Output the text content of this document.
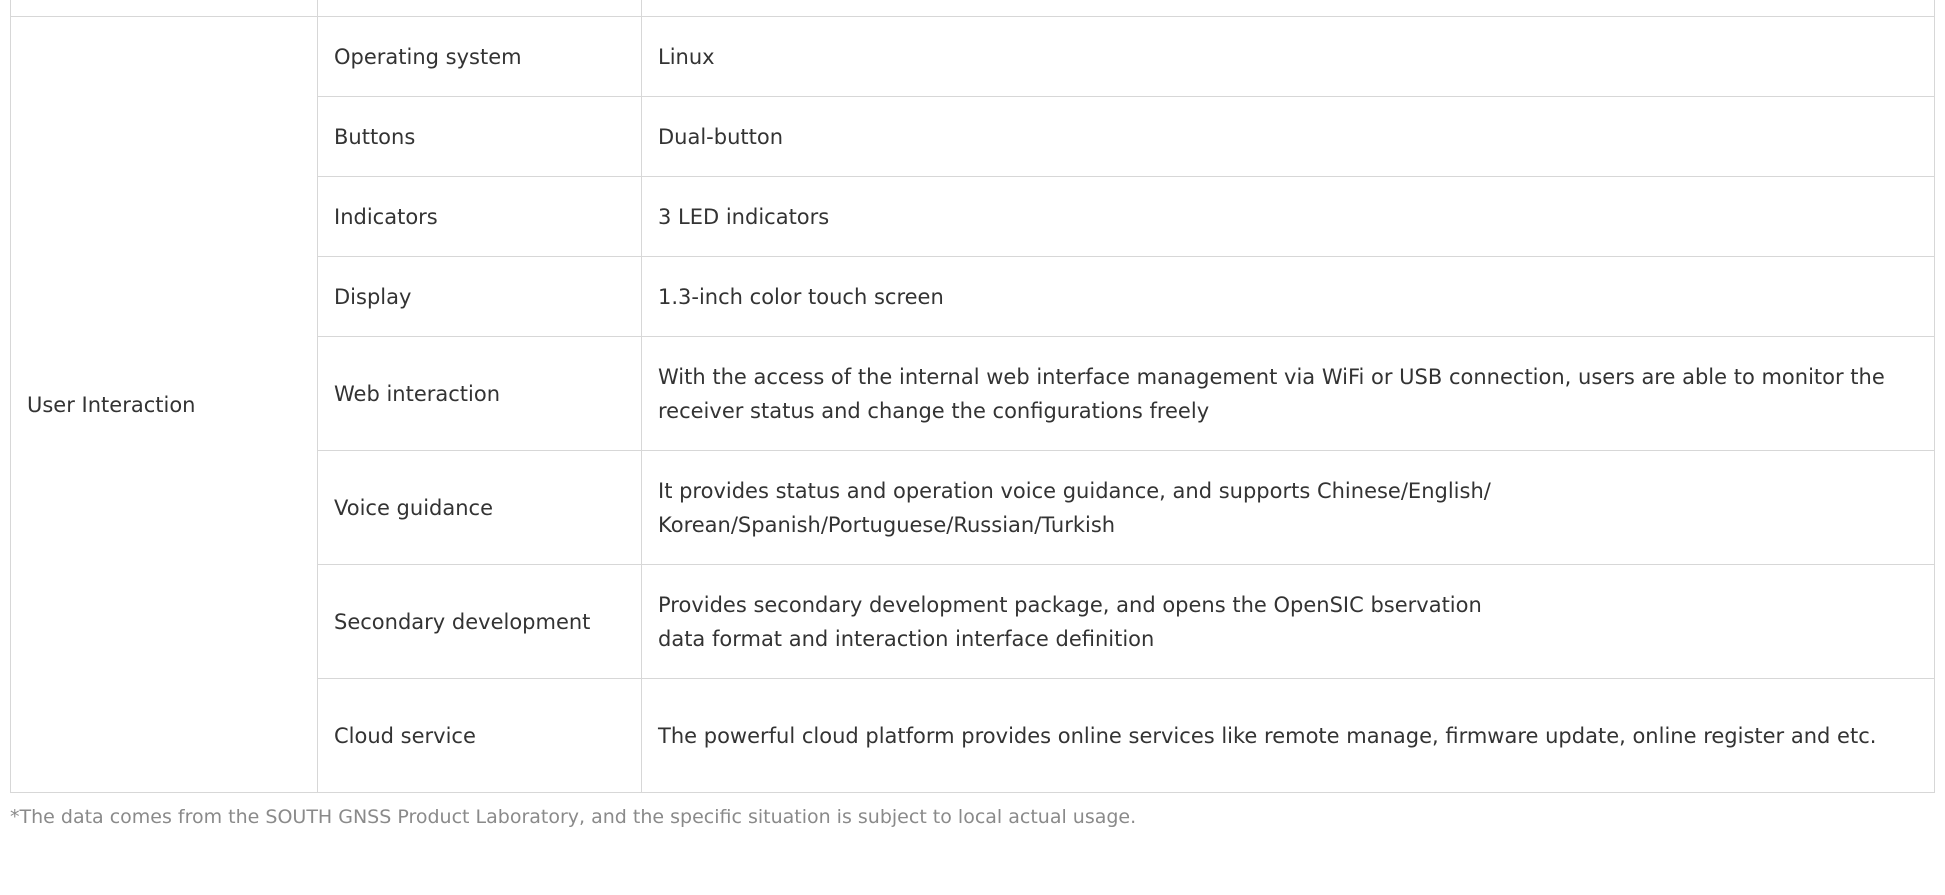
User Interaction	Operating system	Linux
	Buttons	Dual-button
	Indicators	3 LED indicators
	Display	1.3-inch color touch screen
	Web interaction	With the access of the internal web interface management via WiFi or USB connection, users are able to monitor the receiver status and change the configurations freely
	Voice guidance	It provides status and operation voice guidance, and supports Chinese/English/
Korean/Spanish/Portuguese/Russian/Turkish
	Secondary development	Provides secondary development package, and opens the OpenSIC bservation
data format and interaction interface definition
	Cloud service	The powerful cloud platform provides online services like remote manage, firmware update, online register and etc.
*The data comes from the SOUTH GNSS Product Laboratory, and the specific situation is subject to local actual usage.
